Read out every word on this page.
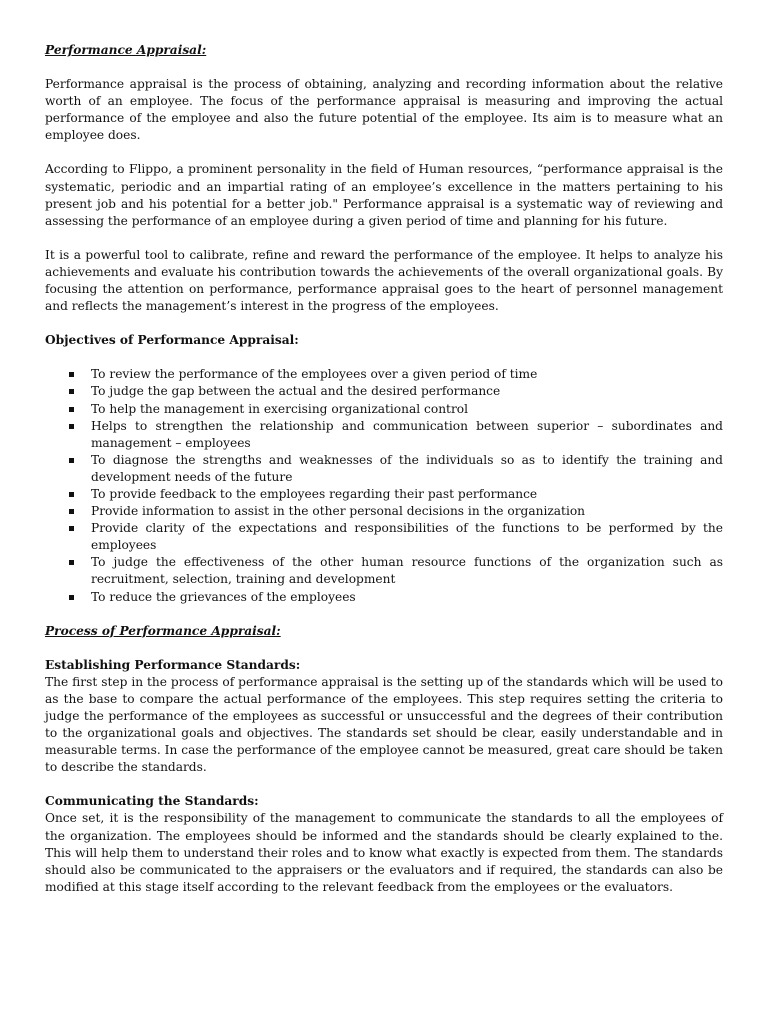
Performance Appraisal:

Performance appraisal is the process of obtaining, analyzing and recording information about the relative worth of an employee. The focus of the performance appraisal is measuring and improving the actual performance of the employee and also the future potential of the employee. Its aim is to measure what an employee does.

According to Flippo, a prominent personality in the field of Human resources, “performance appraisal is the systematic, periodic and an impartial rating of an employee’s excellence in the matters pertaining to his present job and his potential for a better job." Performance appraisal is a systematic way of reviewing and assessing the performance of an employee during a given period of time and planning for his future.

It is a powerful tool to calibrate, refine and reward the performance of the employee. It helps to analyze his achievements and evaluate his contribution towards the achievements of the overall organizational goals. By focusing the attention on performance, performance appraisal goes to the heart of personnel management and reflects the management’s interest in the progress of the employees.

Objectives of Performance Appraisal:
To review the performance of the employees over a given period of time
To judge the gap between the actual and the desired performance
To help the management in exercising organizational control
Helps to strengthen the relationship and communication between superior – subordinates and management – employees
To diagnose the strengths and weaknesses of the individuals so as to identify the training and development needs of the future
To provide feedback to the employees regarding their past performance
Provide information to assist in the other personal decisions in the organization
Provide clarity of the expectations and responsibilities of the functions to be performed by the employees
To judge the effectiveness of the other human resource functions of the organization such as recruitment, selection, training and development
To reduce the grievances of the employees
Process of Performance Appraisal:
Establishing Performance Standards:

The first step in the process of performance appraisal is the setting up of the standards which will be used to as the base to compare the actual performance of the employees. This step requires setting the criteria to judge the performance of the employees as successful or unsuccessful and the degrees of their contribution to the organizational goals and objectives. The standards set should be clear, easily understandable and in measurable terms. In case the performance of the employee cannot be measured, great care should be taken to describe the standards.

Communicating the Standards:

Once set, it is the responsibility of the management to communicate the standards to all the employees of the organization. The employees should be informed and the standards should be clearly explained to the. This will help them to understand their roles and to know what exactly is expected from them. The standards should also be communicated to the appraisers or the evaluators and if required, the standards can also be modified at this stage itself according to the relevant feedback from the employees or the evaluators.
